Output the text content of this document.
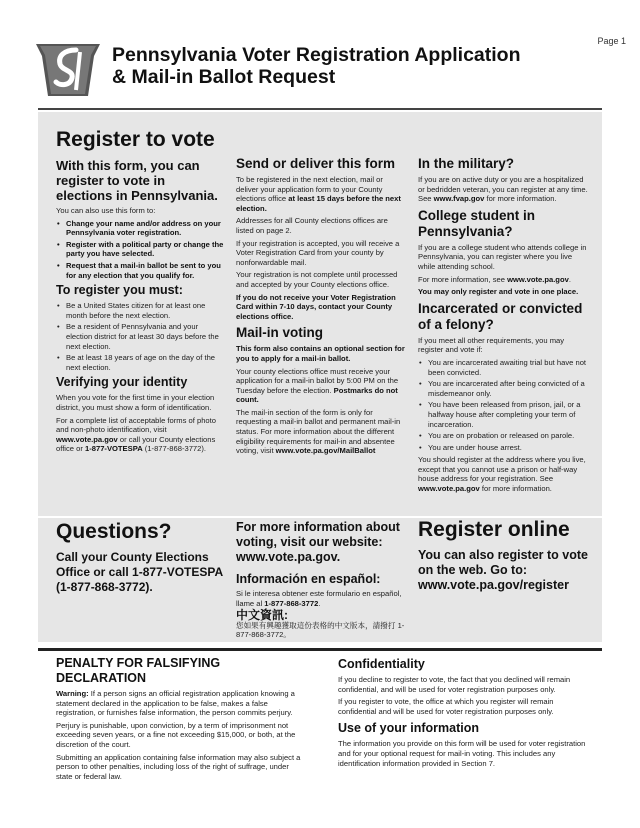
Page 1
Pennsylvania Voter Registration Application
& Mail-in Ballot Request
Register to vote
With this form, you can register to vote in elections in Pennsylvania.

You can also use this form to:

• Change your name and/or address on your Pennsylvania voter registration.
• Register with a political party or change the party you have selected.
• Request that a mail-in ballot be sent to you for any election that you qualify for.
To register you must:
• Be a United States citizen for at least one month before the next election.
• Be a resident of Pennsylvania and your election district for at least 30 days before the next election.
• Be at least 18 years of age on the day of the next election.
Verifying your identity

When you vote for the first time in your election district, you must show a form of identification.

For a complete list of acceptable forms of photo and non-photo identification, visit www.vote.pa.gov or call your County elections office or 1-877-VOTESPA (1-877-868-3772).

Send or deliver this form

To be registered in the next election, mail or deliver your application form to your County elections office at least 15 days before the next election.

Addresses for all County elections offices are listed on page 2.

If your registration is accepted, you will receive a Voter Registration Card from your county by nonforwardable mail.

Your registration is not complete until processed and accepted by your County elections office.

If you do not receive your Voter Registration Card within 7-10 days, contact your County elections office.

Mail-in voting

This form also contains an optional section for you to apply for a mail-in ballot.

Your county elections office must receive your application for a mail-in ballot by 5:00 PM on the Tuesday before the election. Postmarks do not count.

The mail-in section of the form is only for requesting a mail-in ballot and permanent mail-in status. For more information about the different eligibility requirements for mail-in and absentee voting, visit www.vote.pa.gov/MailBallot

In the military?

If you are on active duty or you are a hospitalized or bedridden veteran, you can register at any time. See www.fvap.gov for more information.

College student in Pennsylvania?

If you are a college student who attends college in Pennsylvania, you can register where you live while attending school.

For more information, see www.vote.pa.gov.

You may only register and vote in one place.

Incarcerated or convicted of a felony?

If you meet all other requirements, you may register and vote if:

• You are incarcerated awaiting trial but have not been convicted.
• You are incarcerated after being convicted of a misdemeanor only.
• You have been released from prison, jail, or a halfway house after completing your term of incarceration.
• You are on probation or released on parole.
• You are under house arrest.

You should register at the address where you live, except that you cannot use a prison or half-way house address for your registration. See www.vote.pa.gov for more information.

Questions?
Call your County Elections Office or call 1-877-VOTESPA (1-877-868-3772).
For more information about voting, visit our website: www.vote.pa.gov.
Información en español:

Si le interesa obtener este formulario en español, llame al 1-877-868-3772.

中文資訊:

您如果有興趣獲取這份表格的中文版本，請撥打 1-877-868-3772。

Register online
You can also register to vote on the web. Go to: www.vote.pa.gov/register
PENALTY FOR FALSIFYING DECLARATION

Warning: If a person signs an official registration application knowing a statement declared in the application to be false, makes a false registration, or furnishes false information, the person commits perjury.

Perjury is punishable, upon conviction, by a term of imprisonment not exceeding seven years, or a fine not exceeding $15,000, or both, at the discretion of the court.

Submitting an application containing false information may also subject a person to other penalties, including loss of the right of suffrage, under state or federal law.

Confidentiality

If you decline to register to vote, the fact that you declined will remain confidential, and will be used for voter registration purposes only.

If you register to vote, the office at which you register will remain confidential and will be used for voter registration purposes only.

Use of your information

The information you provide on this form will be used for voter registration and for your optional request for mail-in voting. This includes any identification information provided in Section 7.
